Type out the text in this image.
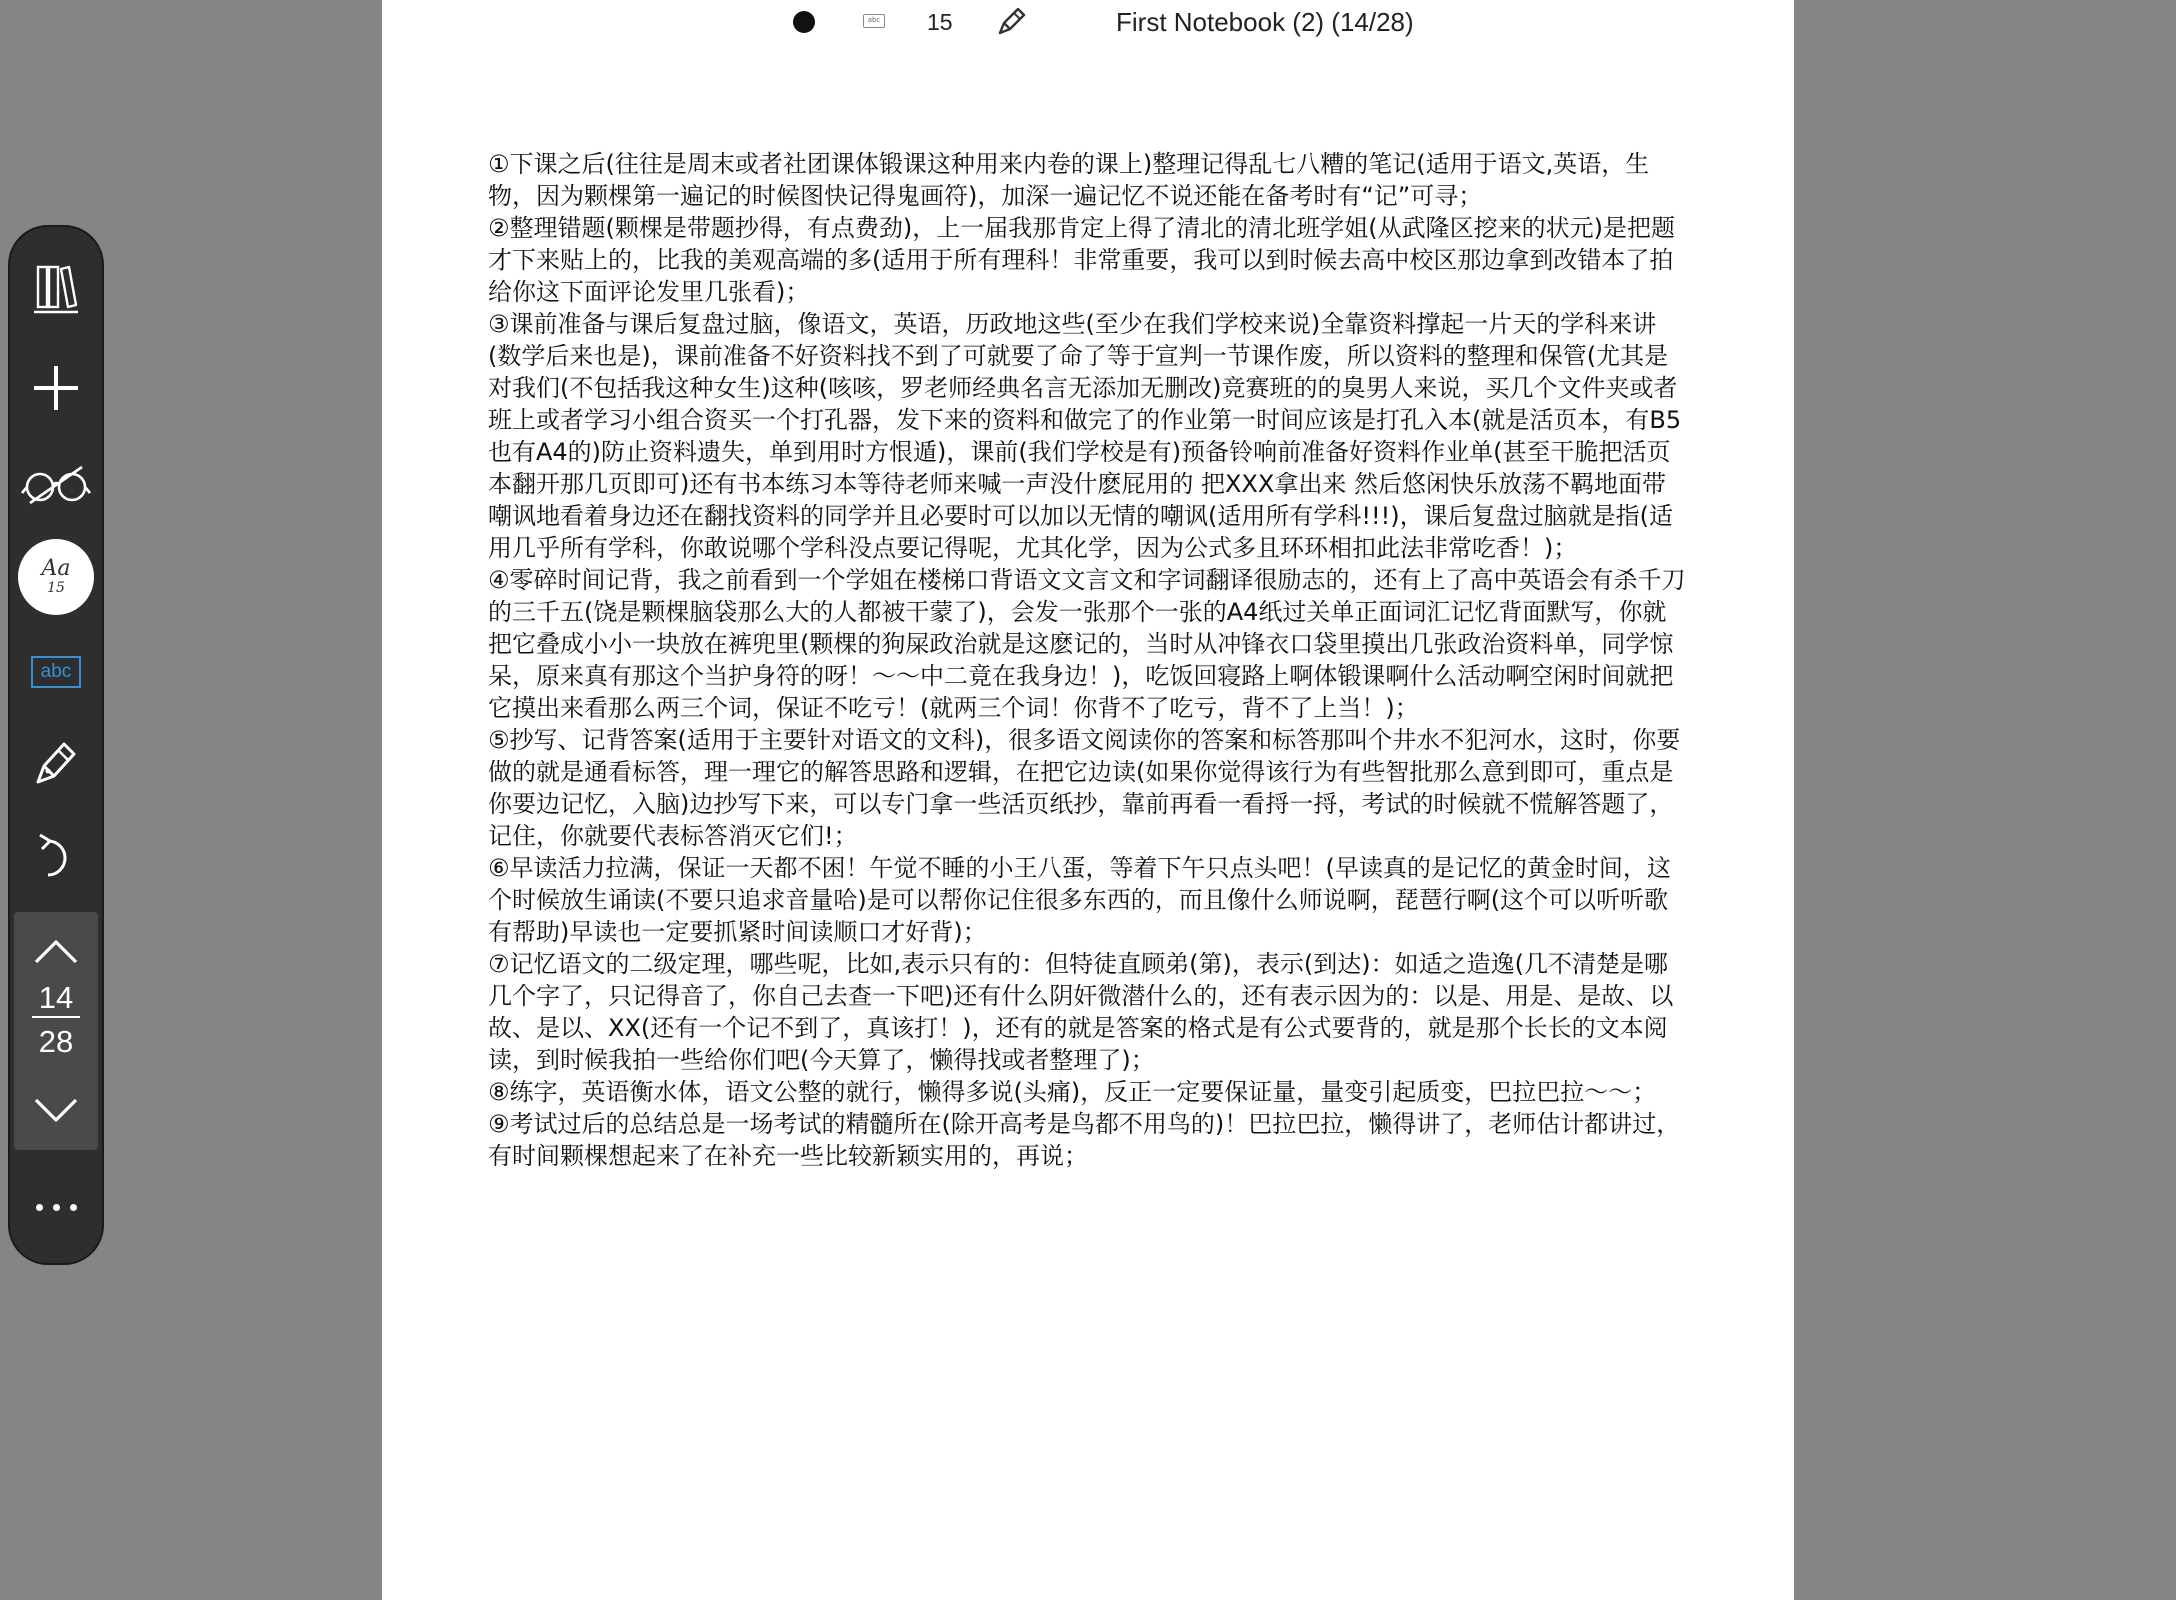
abc 15	First Notebook (2) (14/28)

①下课之后(往往是周末或者社团课体锻课这种用来内卷的课上)整理记得乱七八糟的笔记(适用于语文,英语，生物，因为颗棵第一遍记的时候图快记得鬼画符)，加深一遍记忆不说还能在备考时有“记”可寻；

②整理错题(颗棵是带题抄得，有点费劲)，上一届我那肯定上得了清北的清北班学姐(从武隆区挖来的状元)是把题才下来贴上的，比我的美观高端的多(适用于所有理科！非常重要，我可以到时候去高中校区那边拿到改错本了拍给你这下面评论发里几张看)；

③课前准备与课后复盘过脑，像语文，英语，历政地这些(至少在我们学校来说)全靠资料撑起一片天的学科来讲(数学后来也是)，课前准备不好资料找不到了可就要了命了等于宣判一节课作废，所以资料的整理和保管(尤其是对我们(不包括我这种女生)这种(咳咳，罗老师经典名言无添加无删改)竞赛班的的臭男人来说，买几个文件夹或者班上或者学习小组合资买一个打孔器，发下来的资料和做完了的作业第一时间应该是打孔入本(就是活页本，有B5也有A4的)防止资料遗失，单到用时方恨遁)，课前(我们学校是有)预备铃响前准备好资料作业单(甚至干脆把活页本翻开那几页即可)还有书本练习本等待老师来喊一声没什麽屁用的 把XXX拿出来 然后悠闲快乐放荡不羁地面带嘲讽地看着身边还在翻找资料的同学并且必要时可以加以无情的嘲讽(适用所有学科!!!)，课后复盘过脑就是指(适用几乎所有学科，你敢说哪个学科没点要记得呢，尤其化学，因为公式多且环环相扣此法非常吃香！)；

④零碎时间记背，我之前看到一个学姐在楼梯口背语文文言文和字词翻译很励志的，还有上了高中英语会有杀千刀的三千五(饶是颗棵脑袋那么大的人都被干蒙了)，会发一张那个一张的A4纸过关单正面词汇记忆背面默写，你就把它叠成小小一块放在裤兜里(颗棵的狗屎政治就是这麽记的，当时从冲锋衣口袋里摸出几张政治资料单，同学惊呆，原来真有那这个当护身符的呀！～～中二竟在我身边！)，吃饭回寝路上啊体锻课啊什么活动啊空闲时间就把它摸出来看那么两三个词，保证不吃亏！(就两三个词！你背不了吃亏，背不了上当！)；

⑤抄写、记背答案(适用于主要针对语文的文科)，很多语文阅读你的答案和标答那叫个井水不犯河水，这时，你要做的就是通看标答，理一理它的解答思路和逻辑，在把它边读(如果你觉得该行为有些智批那么意到即可，重点是你要边记忆，入脑)边抄写下来，可以专门拿一些活页纸抄，靠前再看一看捋一捋，考试的时候就不慌解答题了，记住，你就要代表标答消灭它们!；

⑥早读活力拉满，保证一天都不困！午觉不睡的小王八蛋，等着下午只点头吧！(早读真的是记忆的黄金时间，这个时候放生诵读(不要只追求音量哈)是可以帮你记住很多东西的，而且像什么师说啊，琵琶行啊(这个可以听听歌有帮助)早读也一定要抓紧时间读顺口才好背)；

⑦记忆语文的二级定理，哪些呢，比如,表示只有的：但特徒直顾弟(第)，表示(到达)：如适之造逸(几不清楚是哪几个字了，只记得音了，你自己去查一下吧)还有什么阴奸微潜什么的，还有表示因为的：以是、用是、是故、以故、是以、XX(还有一个记不到了，真该打！)，还有的就是答案的格式是有公式要背的，就是那个长长的文本阅读，到时候我拍一些给你们吧(今天算了，懒得找或者整理了)；

⑧练字，英语衡水体，语文公整的就行，懒得多说(头痛)，反正一定要保证量，量变引起质变，巴拉巴拉～～；

⑨考试过后的总结总是一场考试的精髓所在(除开高考是鸟都不用鸟的)！巴拉巴拉，懒得讲了，老师估计都讲过，有时间颗棵想起来了在补充一些比较新颖实用的，再说；

Aa
15
abc
14
28
